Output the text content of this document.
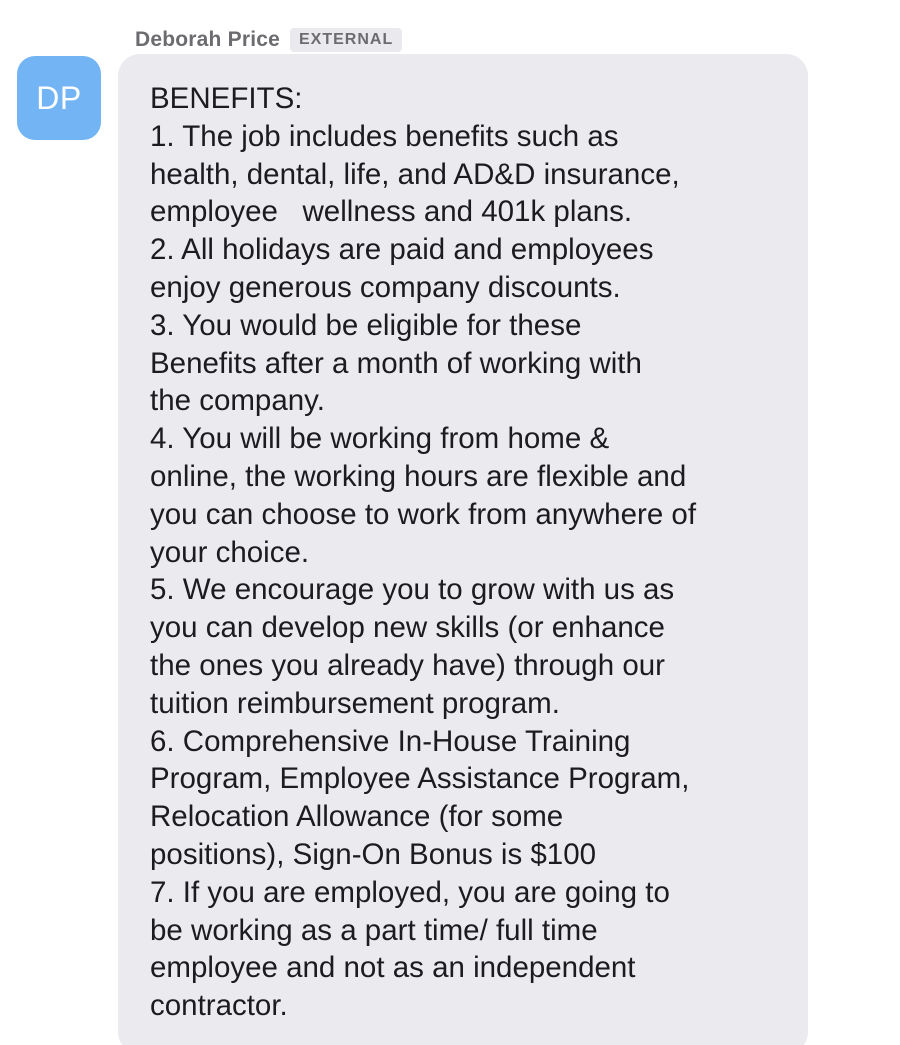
Deborah Price	EXTERNAL
DP BENEFITS:
1. The job includes benefits such as
health, dental, life, and AD&D insurance,
employee   wellness and 401k plans.
2. All holidays are paid and employees
enjoy generous company discounts.
3. You would be eligible for these
Benefits after a month of working with
the company.
4. You will be working from home &
online, the working hours are flexible and
you can choose to work from anywhere of
your choice.
5. We encourage you to grow with us as
you can develop new skills (or enhance
the ones you already have) through our
tuition reimbursement program.
6. Comprehensive In-House Training
Program, Employee Assistance Program,
Relocation Allowance (for some
positions), Sign-On Bonus is $100
7. If you are employed, you are going to
be working as a part time/ full time
employee and not as an independent
contractor.
